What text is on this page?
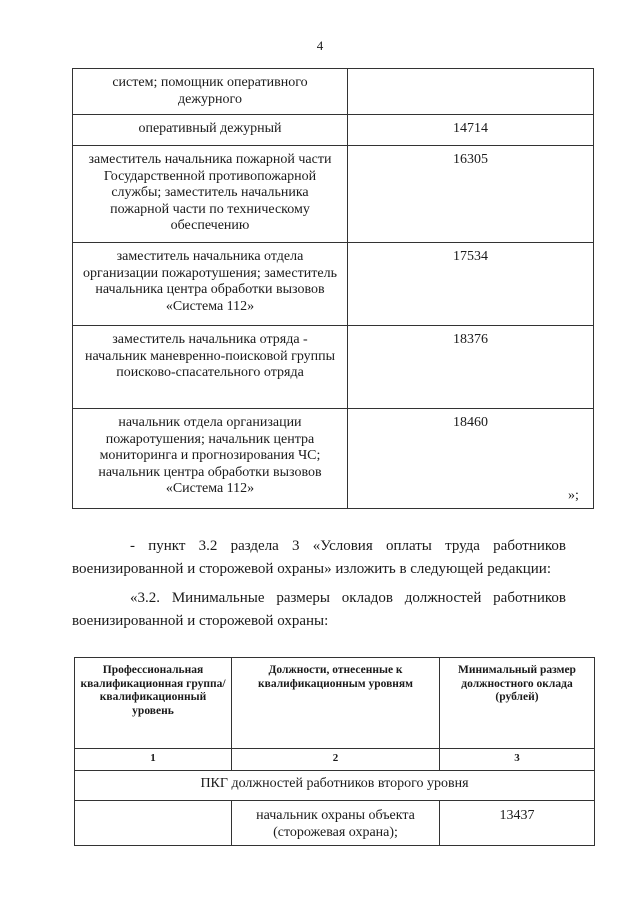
4
систем; помощник оперативного дежурного	
оперативный дежурный	14714
заместитель начальника пожарной части Государственной противопожарной службы; заместитель начальника пожарной части по техническому обеспечению	16305
заместитель начальника отдела организации пожаротушения; заместитель начальника центра обработки вызовов «Система 112»	17534
заместитель начальника отряда - начальник маневренно-поисковой группы поисково-спасательного отряда	18376
начальник отдела организации пожаротушения; начальник центра мониторинга и прогнозирования ЧС; начальник центра обработки вызовов «Система 112»	18460
»;
- пункт 3.2 раздела 3 «Условия оплаты труда работников
военизированной и сторожевой охраны» изложить в следующей редакции:
«3.2. Минимальные размеры окладов должностей работников
военизированной и сторожевой охраны:
Профессиональная квалификационная группа/ квалификационный уровень	Должности, отнесенные к квалификационным уровням	Минимальный размер должностного оклада (рублей)
1	2	3
ПКГ должностей работников второго уровня		
	начальник охраны объекта (сторожевая охрана);	13437
